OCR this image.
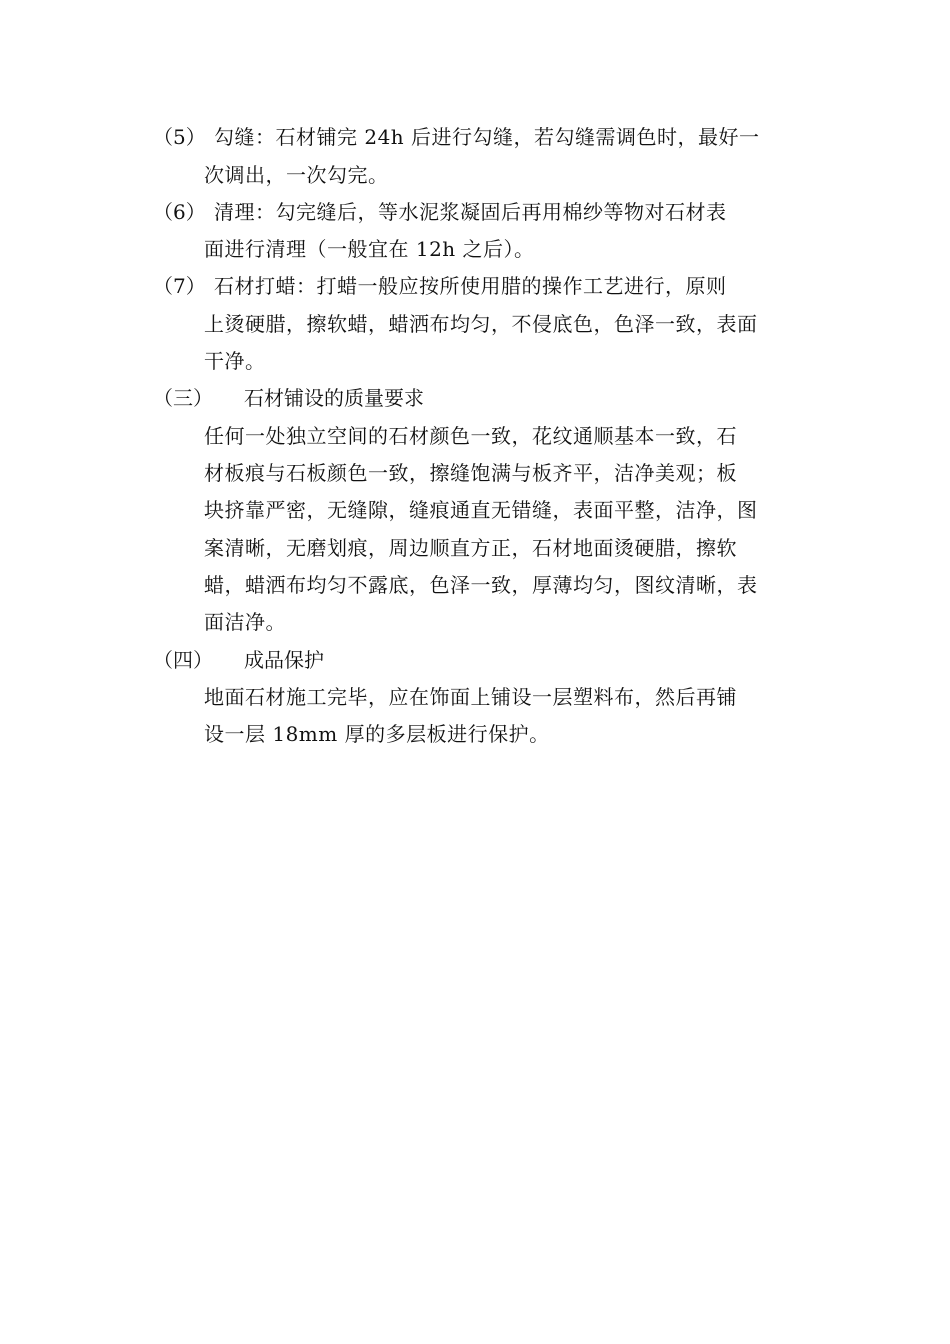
（5） 勾缝：石材铺完 24h 后进行勾缝，若勾缝需调色时，最好一
次调出，一次勾完。
（6） 清理：勾完缝后，等水泥浆凝固后再用棉纱等物对石材表
面进行清理（一般宜在 12h 之后）。
（7） 石材打蜡：打蜡一般应按所使用腊的操作工艺进行，原则
上烫硬腊，擦软蜡，蜡洒布均匀，不侵底色，色泽一致，表面
干净。
（三） 石材铺设的质量要求
任何一处独立空间的石材颜色一致，花纹通顺基本一致，石
材板痕与石板颜色一致，擦缝饱满与板齐平，洁净美观；板
块挤靠严密，无缝隙，缝痕通直无错缝，表面平整，洁净，图
案清晰，无磨划痕，周边顺直方正，石材地面烫硬腊，擦软
蜡，蜡洒布均匀不露底，色泽一致，厚薄均匀，图纹清晰，表
面洁净。
（四） 成品保护
地面石材施工完毕，应在饰面上铺设一层塑料布，然后再铺
设一层 18mm 厚的多层板进行保护。
